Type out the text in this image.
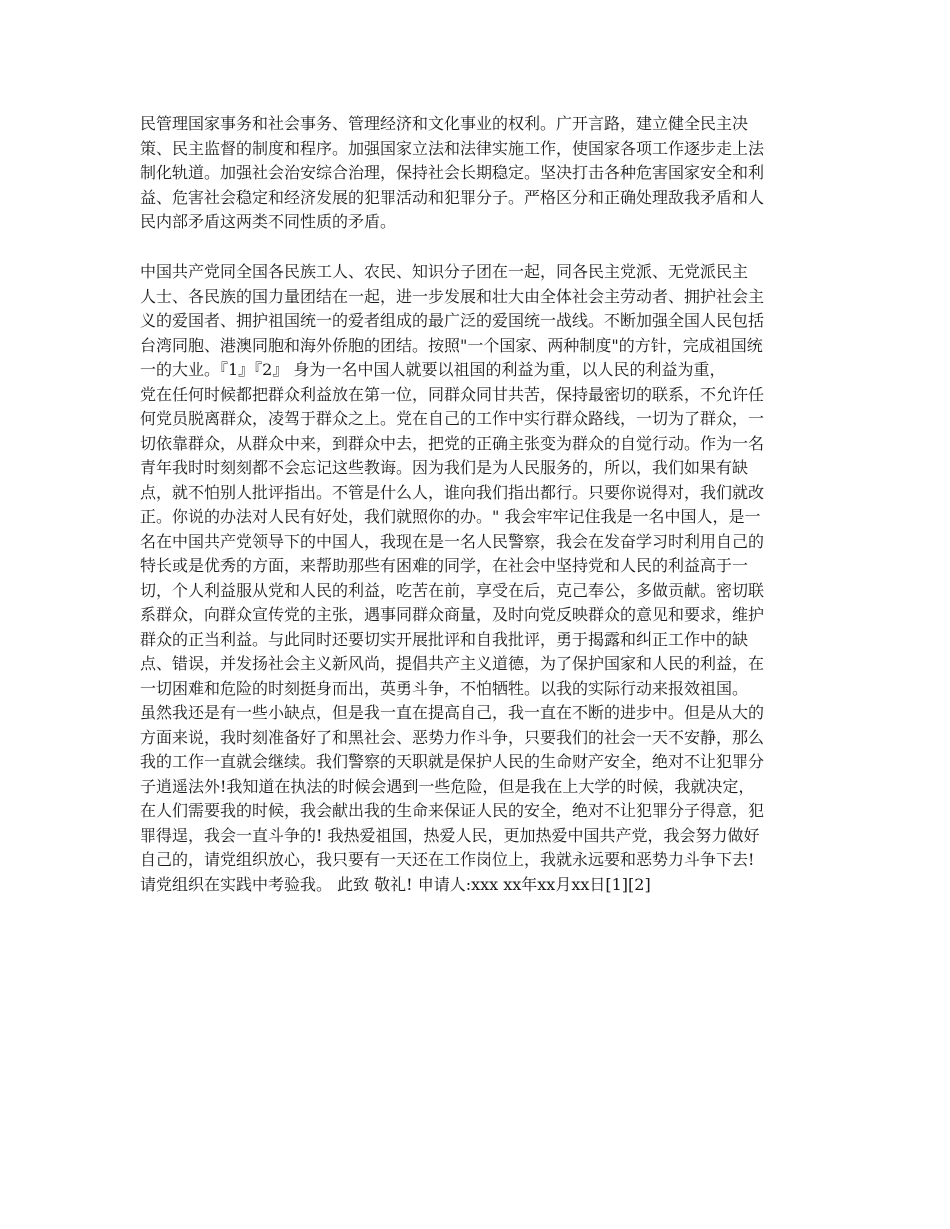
民管理国家事务和社会事务、管理经济和文化事业的权利。广开言路，建立健全民主决
策、民主监督的制度和程序。加强国家立法和法律实施工作，使国家各项工作逐步走上法
制化轨道。加强社会治安综合治理，保持社会长期稳定。坚决打击各种危害国家安全和利
益、危害社会稳定和经济发展的犯罪活动和犯罪分子。严格区分和正确处理敌我矛盾和人
民内部矛盾这两类不同性质的矛盾。
中国共产党同全国各民族工人、农民、知识分子团在一起，同各民主党派、无党派民主
人士、各民族的国力量团结在一起，进一步发展和壮大由全体社会主劳动者、拥护社会主
义的爱国者、拥护祖国统一的爱者组成的最广泛的爱国统一战线。不断加强全国人民包括
台湾同胞、港澳同胞和海外侨胞的团结。按照"一个国家、两种制度"的方针，完成祖国统
一的大业。『1』『2』 身为一名中国人就要以祖国的利益为重，以人民的利益为重，
党在任何时候都把群众利益放在第一位，同群众同甘共苦，保持最密切的联系，不允许任
何党员脱离群众，凌驾于群众之上。党在自己的工作中实行群众路线，一切为了群众，一
切依靠群众，从群众中来，到群众中去，把党的正确主张变为群众的自觉行动。作为一名
青年我时时刻刻都不会忘记这些教诲。因为我们是为人民服务的，所以，我们如果有缺
点，就不怕别人批评指出。不管是什么人，谁向我们指出都行。只要你说得对，我们就改
正。你说的办法对人民有好处，我们就照你的办。" 我会牢牢记住我是一名中国人，是一
名在中国共产党领导下的中国人，我现在是一名人民警察，我会在发奋学习时利用自己的
特长或是优秀的方面，来帮助那些有困难的同学，在社会中坚持党和人民的利益高于一
切，个人利益服从党和人民的利益，吃苦在前，享受在后，克己奉公，多做贡献。密切联
系群众，向群众宣传党的主张，遇事同群众商量，及时向党反映群众的意见和要求，维护
群众的正当利益。与此同时还要切实开展批评和自我批评，勇于揭露和纠正工作中的缺
点、错误，并发扬社会主义新风尚，提倡共产主义道德，为了保护国家和人民的利益，在
一切困难和危险的时刻挺身而出，英勇斗争，不怕牺牲。以我的实际行动来报效祖国。
虽然我还是有一些小缺点，但是我一直在提高自己，我一直在不断的进步中。但是从大的
方面来说，我时刻准备好了和黑社会、恶势力作斗争，只要我们的社会一天不安静，那么
我的工作一直就会继续。我们警察的天职就是保护人民的生命财产安全，绝对不让犯罪分
子逍遥法外!我知道在执法的时候会遇到一些危险，但是我在上大学的时候，我就决定，
在人们需要我的时候，我会献出我的生命来保证人民的安全，绝对不让犯罪分子得意，犯
罪得逞，我会一直斗争的! 我热爱祖国，热爱人民，更加热爱中国共产党，我会努力做好
自己的，请党组织放心，我只要有一天还在工作岗位上，我就永远要和恶势力斗争下去!
请党组织在实践中考验我。 此致 敬礼! 申请人:xxx xx年xx月xx日[1][2]
